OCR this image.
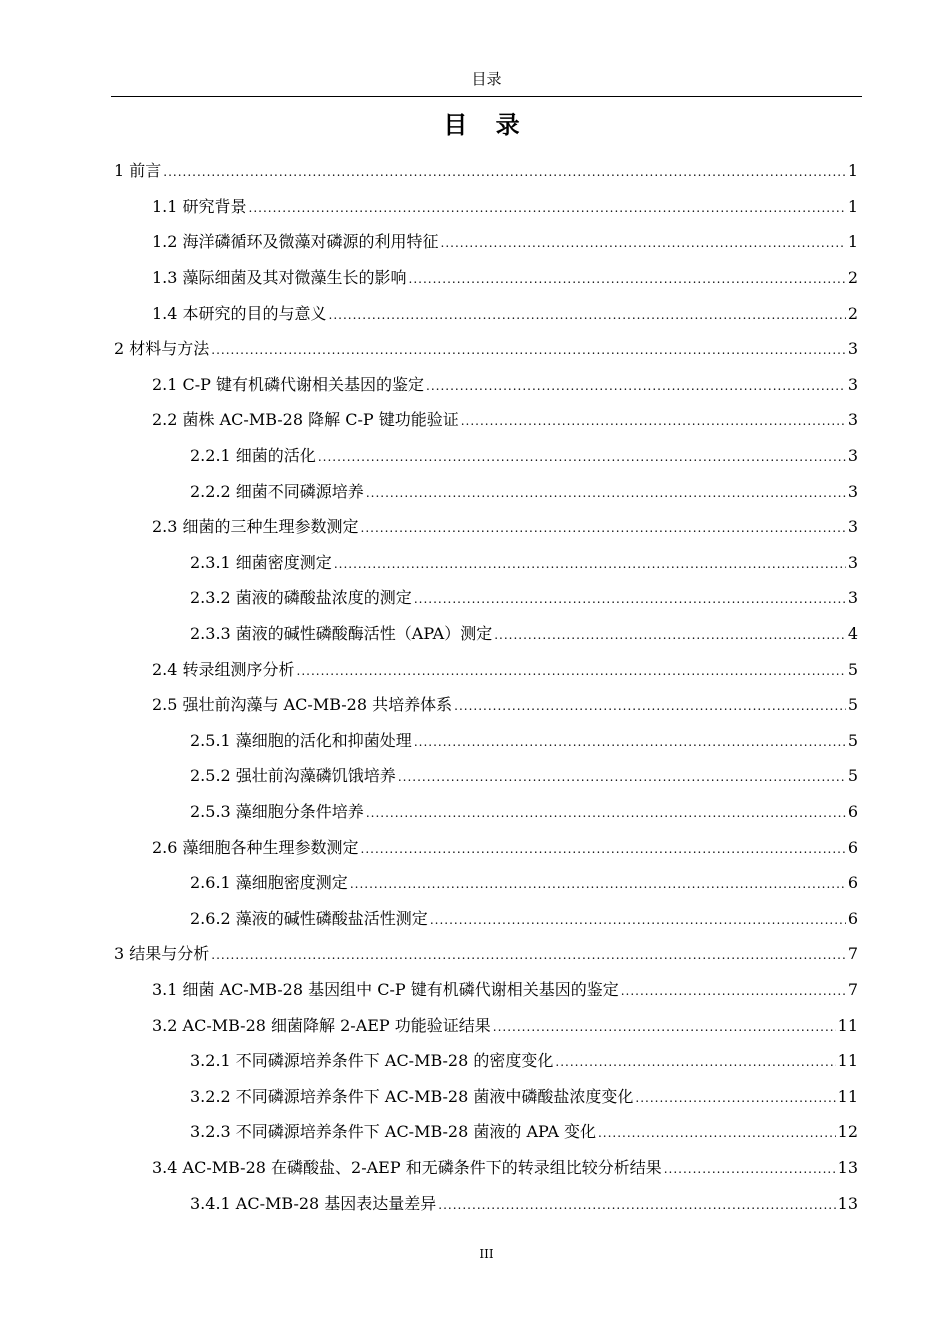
目录
目 录
1 前言 .....	1
1.1 研究背景 .....	1
1.2 海洋磷循环及微藻对磷源的利用特征 .....	1
1.3 藻际细菌及其对微藻生长的影响 .....	2
1.4 本研究的目的与意义 .....	2
2 材料与方法 .....	3
2.1 C-P 键有机磷代谢相关基因的鉴定 .....	3
2.2 菌株 AC-MB-28 降解 C-P 键功能验证 .....	3
2.2.1 细菌的活化 .....	3
2.2.2 细菌不同磷源培养 .....	3
2.3 细菌的三种生理参数测定 .....	3
2.3.1 细菌密度测定 .....	3
2.3.2 菌液的磷酸盐浓度的测定 .....	3
2.3.3 菌液的碱性磷酸酶活性（APA）测定 .....	4
2.4 转录组测序分析 .....	5
2.5 强壮前沟藻与 AC-MB-28 共培养体系 .....	5
2.5.1 藻细胞的活化和抑菌处理 .....	5
2.5.2 强壮前沟藻磷饥饿培养 .....	5
2.5.3 藻细胞分条件培养 .....	6
2.6 藻细胞各种生理参数测定 .....	6
2.6.1 藻细胞密度测定 .....	6
2.6.2 藻液的碱性磷酸盐活性测定 .....	6
3 结果与分析 .....	7
3.1 细菌 AC-MB-28 基因组中 C-P 键有机磷代谢相关基因的鉴定 .....	7
3.2 AC-MB-28 细菌降解 2-AEP 功能验证结果 .....	11
3.2.1 不同磷源培养条件下 AC-MB-28 的密度变化 .....	11
3.2.2 不同磷源培养条件下 AC-MB-28 菌液中磷酸盐浓度变化 .....	11
3.2.3 不同磷源培养条件下 AC-MB-28 菌液的 APA 变化 .....	12
3.4 AC-MB-28 在磷酸盐、2-AEP 和无磷条件下的转录组比较分析结果 .....	13
3.4.1 AC-MB-28 基因表达量差异 .....	13
III
